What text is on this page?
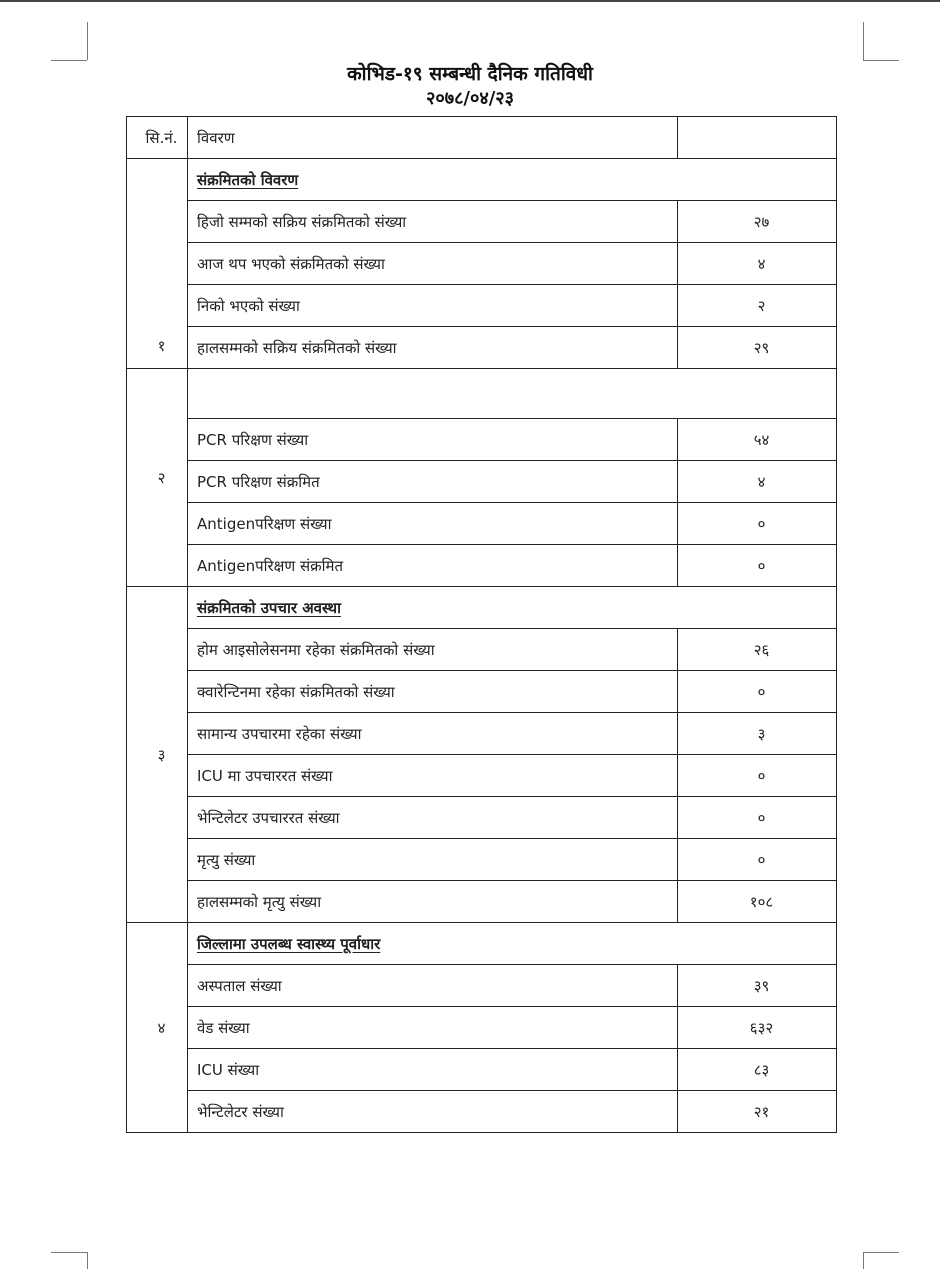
कोभिड-१९ सम्बन्धी दैनिक गतिविधी
२०७८/०४/२३
सि.नं.	विवरण	
१	संक्रमितको विवरण	
	हिजो सम्मको सक्रिय संक्रमितको संख्या	२७
	आज थप भएको संक्रमितको संख्या	४
	निको भएको संख्या	२
	हालसम्मको सक्रिय संक्रमितको संख्या	२९
२		
	PCR परिक्षण संख्या	५४
	PCR परिक्षण संक्रमित	४
	Antigenपरिक्षण संख्या	०
	Antigenपरिक्षण संक्रमित	०
३	संक्रमितको उपचार अवस्था	
	होम आइसोलेसनमा रहेका संक्रमितको संख्या	२६
	क्वारेन्टिनमा रहेका संक्रमितको संख्या	०
	सामान्य उपचारमा रहेका संख्या	३
	ICU मा उपचाररत संख्या	०
	भेन्टिलेटर उपचाररत संख्या	०
	मृत्यु संख्या	०
	हालसम्मको मृत्यु संख्या	१०८
४	जिल्लामा उपलब्ध स्वास्थ्य पूर्वाधार	
	अस्पताल संख्या	३९
	वेड संख्या	६३२
	ICU संख्या	८३
	भेन्टिलेटर संख्या	२१
